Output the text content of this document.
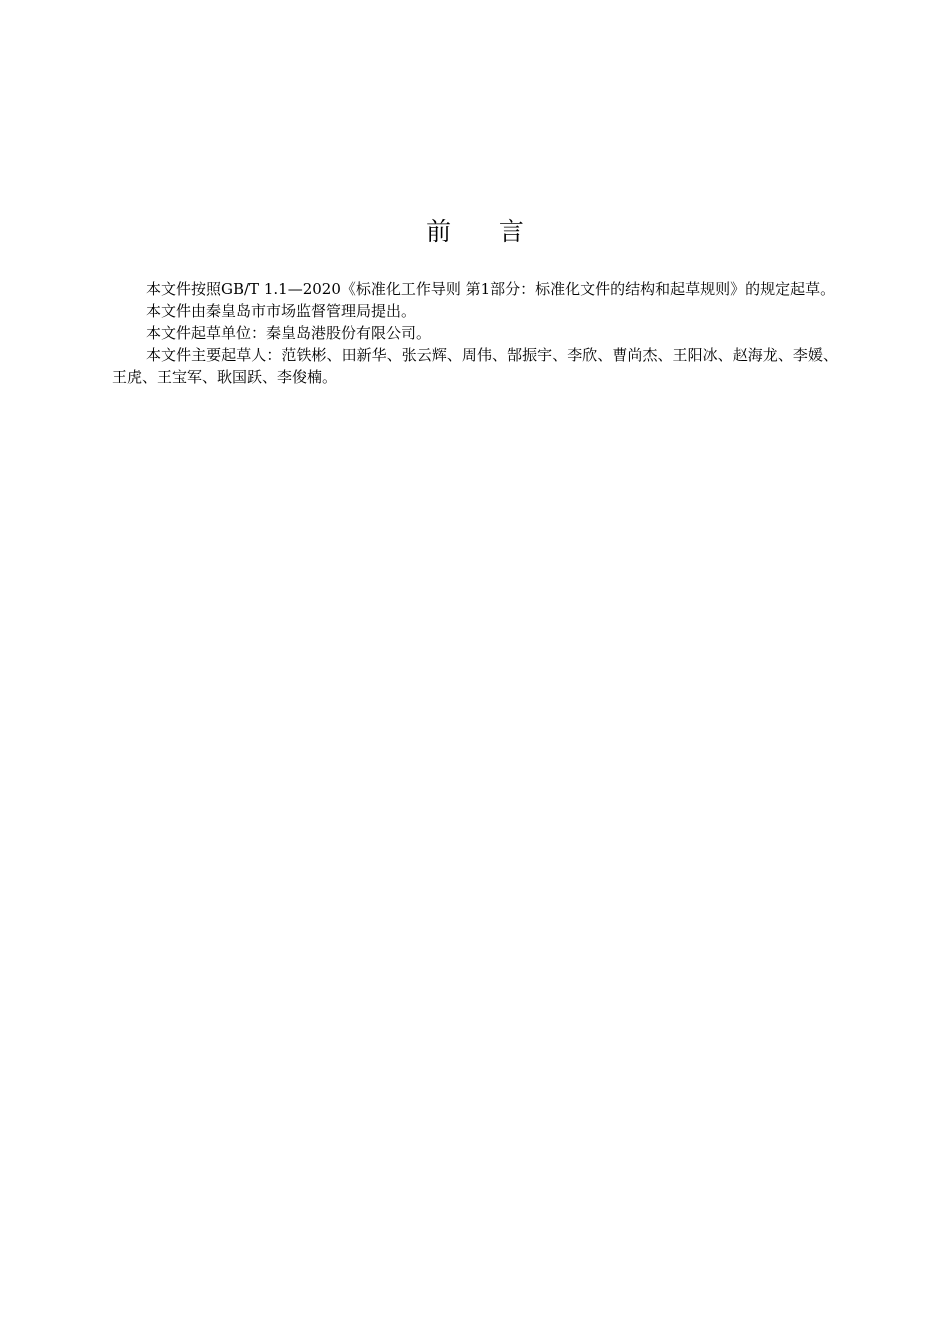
前      言

本文件按照GB/T 1.1—2020《标准化工作导则 第1部分：标准化文件的结构和起草规则》的规定起草。

本文件由秦皇岛市市场监督管理局提出。

本文件起草单位：秦皇岛港股份有限公司。

本文件主要起草人：范铁彬、田新华、张云辉、周伟、郜振宇、李欣、曹尚杰、王阳冰、赵海龙、李媛、王虎、王宝军、耿国跃、李俊楠。
